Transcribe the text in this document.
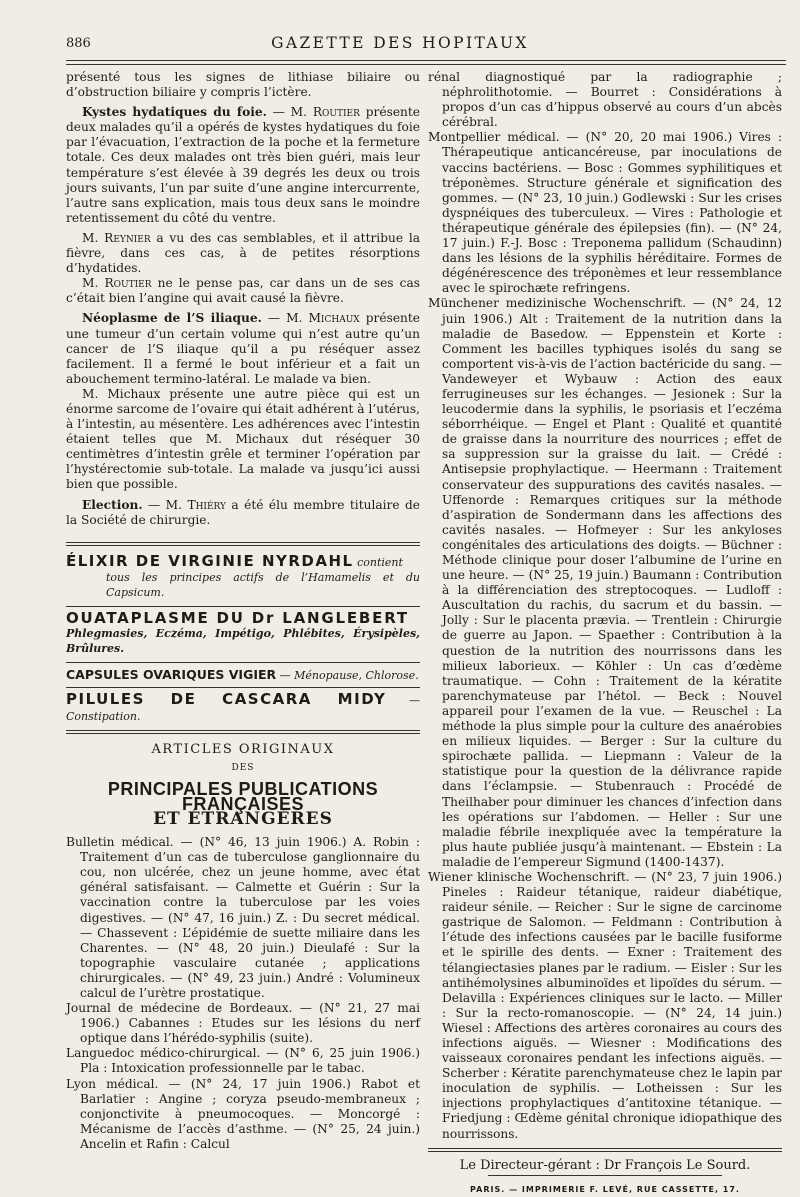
886	GAZETTE DES HOPITAUX

présenté tous les signes de lithiase biliaire ou d’obstruction biliaire y compris l’ictère.

Kystes hydatiques du foie. — M. Routier présente deux malades qu’il a opérés de kystes hydatiques du foie par l’évacuation, l’extraction de la poche et la fermeture totale. Ces deux malades ont très bien guéri, mais leur température s’est élevée à 39 degrés les deux ou trois jours suivants, l’un par suite d’une angine intercurrente, l’autre sans explication, mais tous deux sans le moindre retentissement du côté du ventre.

M. Reynier a vu des cas semblables, et il attribue la fièvre, dans ces cas, à de petites résorptions d’hydatides.

M. Routier ne le pense pas, car dans un de ses cas c’était bien l’angine qui avait causé la fièvre.

Néoplasme de l’S iliaque. — M. Michaux présente une tumeur d’un certain volume qui n’est autre qu’un cancer de l’S iliaque qu’il a pu réséquer assez facilement. Il a fermé le bout inférieur et a fait un abouchement termino-latéral. Le malade va bien.

M. Michaux présente une autre pièce qui est un énorme sarcome de l’ovaire qui était adhérent à l’utérus, à l’intestin, au mésentère. Les adhérences avec l’intestin étaient telles que M. Michaux dut réséquer 30 centimètres d’intestin grêle et terminer l’opération par l’hystérectomie sub-totale. La malade va jusqu’ici aussi bien que possible.

Election. — M. Thiéry a été élu membre titulaire de la Société de chirurgie.

ÉLIXIR DE VIRGINIE NYRDAHL contient
tous les principes actifs de l’Hamamelis et du Capsicum.
OUATAPLASME DU Dr LANGLEBERT
Phlegmasies, Eczéma, Impétigo, Phlébites, Érysipèles, Brûlures.
CAPSULES OVARIQUES VIGIER — Ménopause, Chlorose.
PILULES DE CASCARA MIDY — Constipation.
ARTICLES ORIGINAUX
DES
PRINCIPALES PUBLICATIONS FRANÇAISES
ET ÉTRANGÈRES

Bulletin médical. — (N° 46, 13 juin 1906.) A. Robin : Traitement d’un cas de tuberculose ganglionnaire du cou, non ulcérée, chez un jeune homme, avec état général satisfaisant. — Calmette et Guérin : Sur la vaccination contre la tuberculose par les voies digestives. — (N° 47, 16 juin.) Z. : Du secret médical. — Chassevent : L’épidémie de suette miliaire dans les Charentes. — (N° 48, 20 juin.) Dieulafé : Sur la topographie vasculaire cutanée ; applications chirurgicales. — (N° 49, 23 juin.) André : Volumineux calcul de l’urètre prostatique.

Journal de médecine de Bordeaux. — (N° 21, 27 mai 1906.) Cabannes : Etudes sur les lésions du nerf optique dans l’hérédo-syphilis (suite).

Languedoc médico-chirurgical. — (N° 6, 25 juin 1906.) Pla : Intoxication professionnelle par le tabac.

Lyon médical. — (N° 24, 17 juin 1906.) Rabot et Barlatier : Angine ; coryza pseudo-membraneux ; conjonctivite à pneumocoques. — Moncorgé : Mécanisme de l’accès d’asthme. — (N° 25, 24 juin.) Ancelin et Rafin : Calcul

rénal diagnostiqué par la radiographie ; néphrolithotomie. — Bourret : Considérations à propos d’un cas d’hippus observé au cours d’un abcès cérébral.

Montpellier médical. — (N° 20, 20 mai 1906.) Vires : Thérapeutique anticancéreuse, par inoculations de vaccins bactériens. — Bosc : Gommes syphilitiques et tréponèmes. Structure générale et signification des gommes. — (N° 23, 10 juin.) Godlewski : Sur les crises dyspnéiques des tuberculeux. — Vires : Pathologie et thérapeutique générale des épilepsies (fin). — (N° 24, 17 juin.) F.-J. Bosc : Treponema pallidum (Schaudinn) dans les lésions de la syphilis héréditaire. Formes de dégénérescence des tréponèmes et leur ressemblance avec le spirochæte refringens.

Münchener medizinische Wochenschrift. — (N° 24, 12 juin 1906.) Alt : Traitement de la nutrition dans la maladie de Basedow. — Eppenstein et Korte : Comment les bacilles typhiques isolés du sang se comportent vis-à-vis de l’action bactéricide du sang. — Vandeweyer et Wybauw : Action des eaux ferrugineuses sur les échanges. — Jesionek : Sur la leucodermie dans la syphilis, le psoriasis et l’eczéma séborrhéique. — Engel et Plant : Qualité et quantité de graisse dans la nourriture des nourrices ; effet de sa suppression sur la graisse du lait. — Crédé : Antisepsie prophylactique. — Heermann : Traitement conservateur des suppurations des cavités nasales. — Uffenorde : Remarques critiques sur la méthode d’aspiration de Sondermann dans les affections des cavités nasales. — Hofmeyer : Sur les ankyloses congénitales des articulations des doigts. — Büchner : Méthode clinique pour doser l’albumine de l’urine en une heure. — (N° 25, 19 juin.) Baumann : Contribution à la différenciation des streptocoques. — Ludloff : Auscultation du rachis, du sacrum et du bassin. — Jolly : Sur le placenta prævia. — Trentlein : Chirurgie de guerre au Japon. — Spaether : Contribution à la question de la nutrition des nourrissons dans les milieux laborieux. — Köhler : Un cas d’œdème traumatique. — Cohn : Traitement de la kératite parenchymateuse par l’hétol. — Beck : Nouvel appareil pour l’examen de la vue. — Reuschel : La méthode la plus simple pour la culture des anaérobies en milieux liquides. — Berger : Sur la culture du spirochæte pallida. — Liepmann : Valeur de la statistique pour la question de la délivrance rapide dans l’éclampsie. — Stubenrauch : Procédé de Theilhaber pour diminuer les chances d’infection dans les opérations sur l’abdomen. — Heller : Sur une maladie fébrile inexpliquée avec la température la plus haute publiée jusqu’à maintenant. — Ebstein : La maladie de l’empereur Sigmund (1400-1437).

Wiener klinische Wochenschrift. — (N° 23, 7 juin 1906.) Pineles : Raideur tétanique, raideur diabétique, raideur sénile. — Reicher : Sur le signe de carcinome gastrique de Salomon. — Feldmann : Contribution à l’étude des infections causées par le bacille fusiforme et le spirille des dents. — Exner : Traitement des télangiectasies planes par le radium. — Eisler : Sur les antihémolysines albuminoïdes et lipoïdes du sérum. — Delavilla : Expériences cliniques sur le lacto. — Miller : Sur la recto-romanoscopie. — (N° 24, 14 juin.) Wiesel : Affections des artères coronaires au cours des infections aiguës. — Wiesner : Modifications des vaisseaux coronaires pendant les infections aiguës. — Scherber : Kératite parenchymateuse chez le lapin par inoculation de syphilis. — Lotheissen : Sur les injections prophylactiques d’antitoxine tétanique. — Friedjung : Œdème génital chronique idiopathique des nourrissons.

Le Directeur-gérant : Dr François Le Sourd.
PARIS. — IMPRIMERIE F. LEVÉ, RUE CASSETTE, 17.
